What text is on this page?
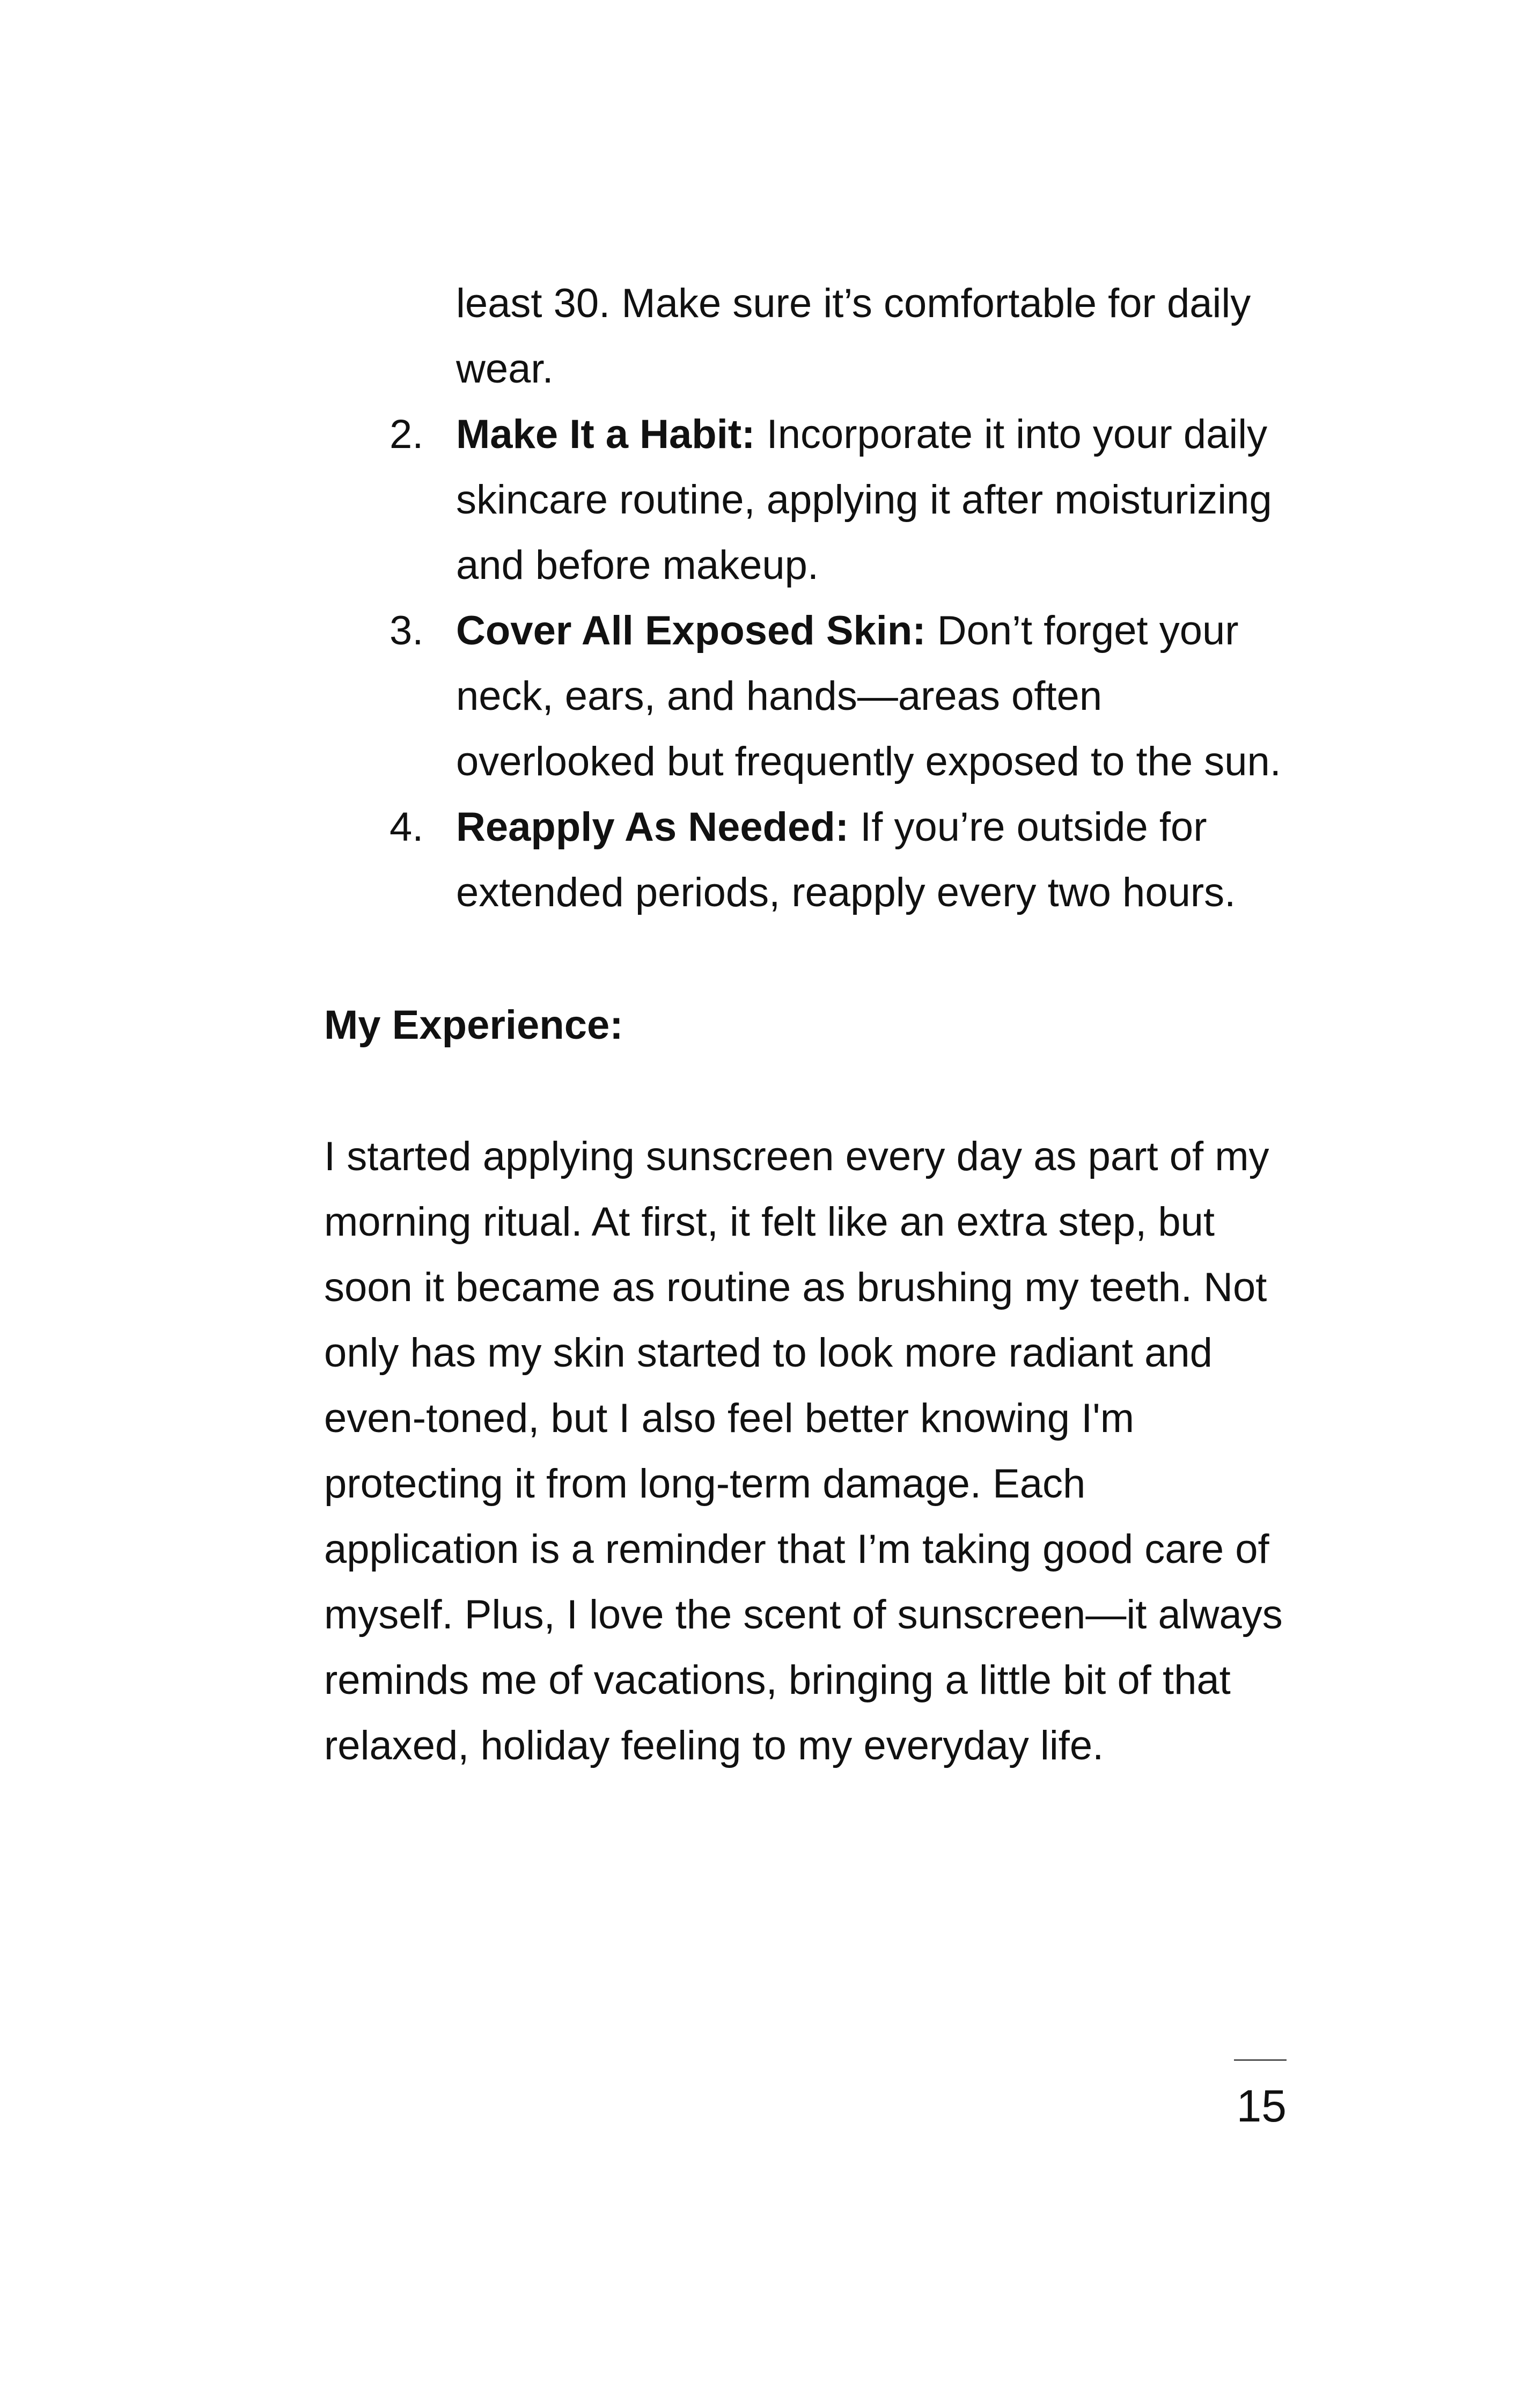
least 30. Make sure it’s comfortable for daily
wear.
2. Make It a Habit: Incorporate it into your daily
skincare routine, applying it after moisturizing
and before makeup.
3. Cover All Exposed Skin: Don’t forget your
neck, ears, and hands—areas often
overlooked but frequently exposed to the sun.
4. Reapply As Needed: If you’re outside for
extended periods, reapply every two hours.
My Experience:
I started applying sunscreen every day as part of my
morning ritual. At first, it felt like an extra step, but
soon it became as routine as brushing my teeth. Not
only has my skin started to look more radiant and
even-toned, but I also feel better knowing I'm
protecting it from long-term damage. Each
application is a reminder that I’m taking good care of
myself. Plus, I love the scent of sunscreen—it always
reminds me of vacations, bringing a little bit of that
relaxed, holiday feeling to my everyday life.
15
